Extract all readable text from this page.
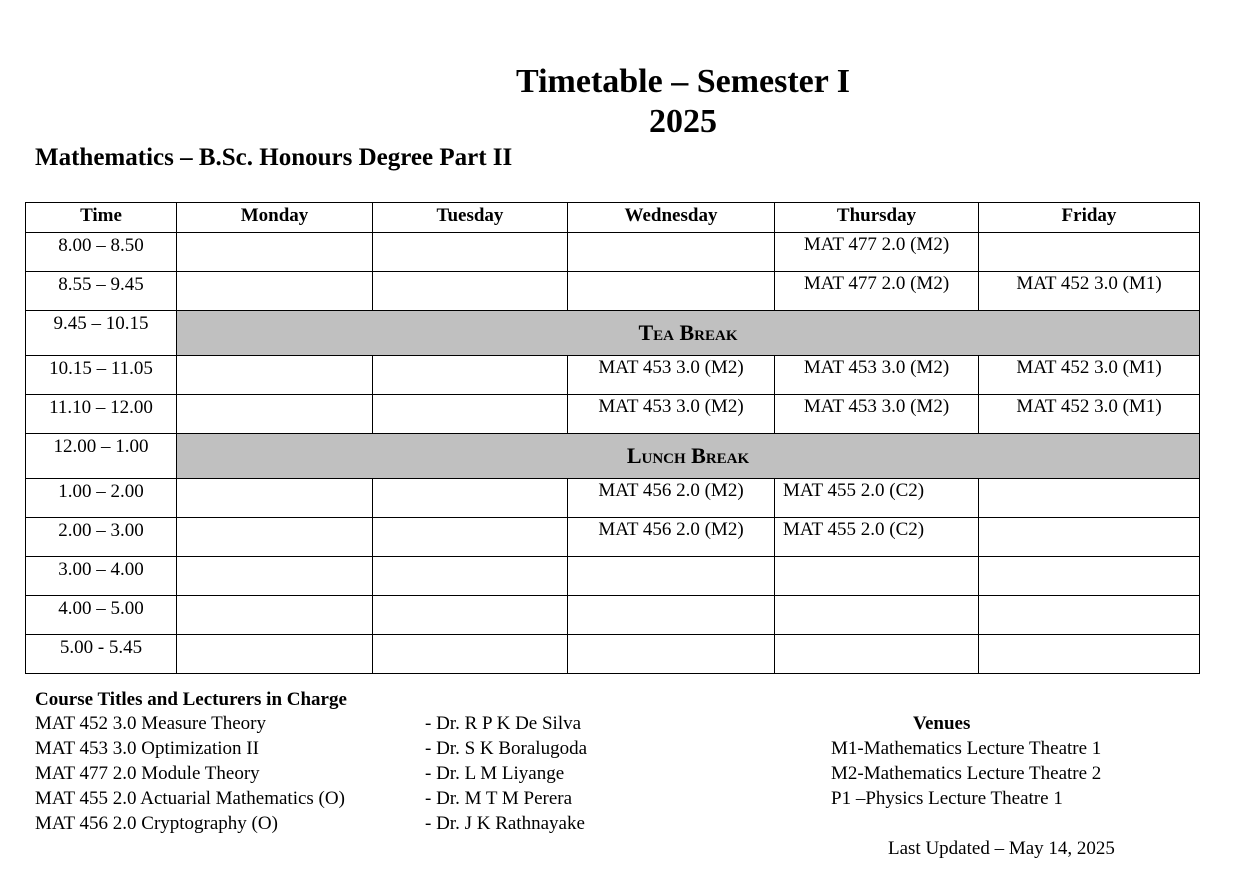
Timetable – Semester I
2025
Mathematics – B.Sc. Honours Degree Part II
Time	Monday	Tuesday	Wednesday	Thursday	Friday
8.00 – 8.50				MAT 477 2.0 (M2)	
8.55 – 9.45				MAT 477 2.0 (M2)	MAT 452 3.0 (M1)
9.45 – 10.15	Tea Break				
10.15 – 11.05			MAT 453 3.0 (M2)	MAT 453 3.0 (M2)	MAT 452 3.0 (M1)
11.10 – 12.00			MAT 453 3.0 (M2)	MAT 453 3.0 (M2)	MAT 452 3.0 (M1)
12.00 – 1.00	Lunch Break				
1.00 – 2.00			MAT 456 2.0 (M2)	MAT 455 2.0 (C2)	
2.00 – 3.00			MAT 456 2.0 (M2)	MAT 455 2.0 (C2)	
3.00 – 4.00					
4.00 – 5.00					
5.00 - 5.45					
Course Titles and Lecturers in Charge
MAT 452 3.0 Measure Theory	- Dr. R P K De Silva
MAT 453 3.0 Optimization II	- Dr. S K Boralugoda
MAT 477 2.0 Module Theory	- Dr. L M Liyange
MAT 455 2.0 Actuarial Mathematics (O)	- Dr. M T M Perera
MAT 456 2.0 Cryptography (O)	- Dr. J K Rathnayake
Venues
M1-Mathematics Lecture Theatre 1
M2-Mathematics Lecture Theatre 2
P1 –Physics Lecture Theatre 1
Last Updated – May 14, 2025
